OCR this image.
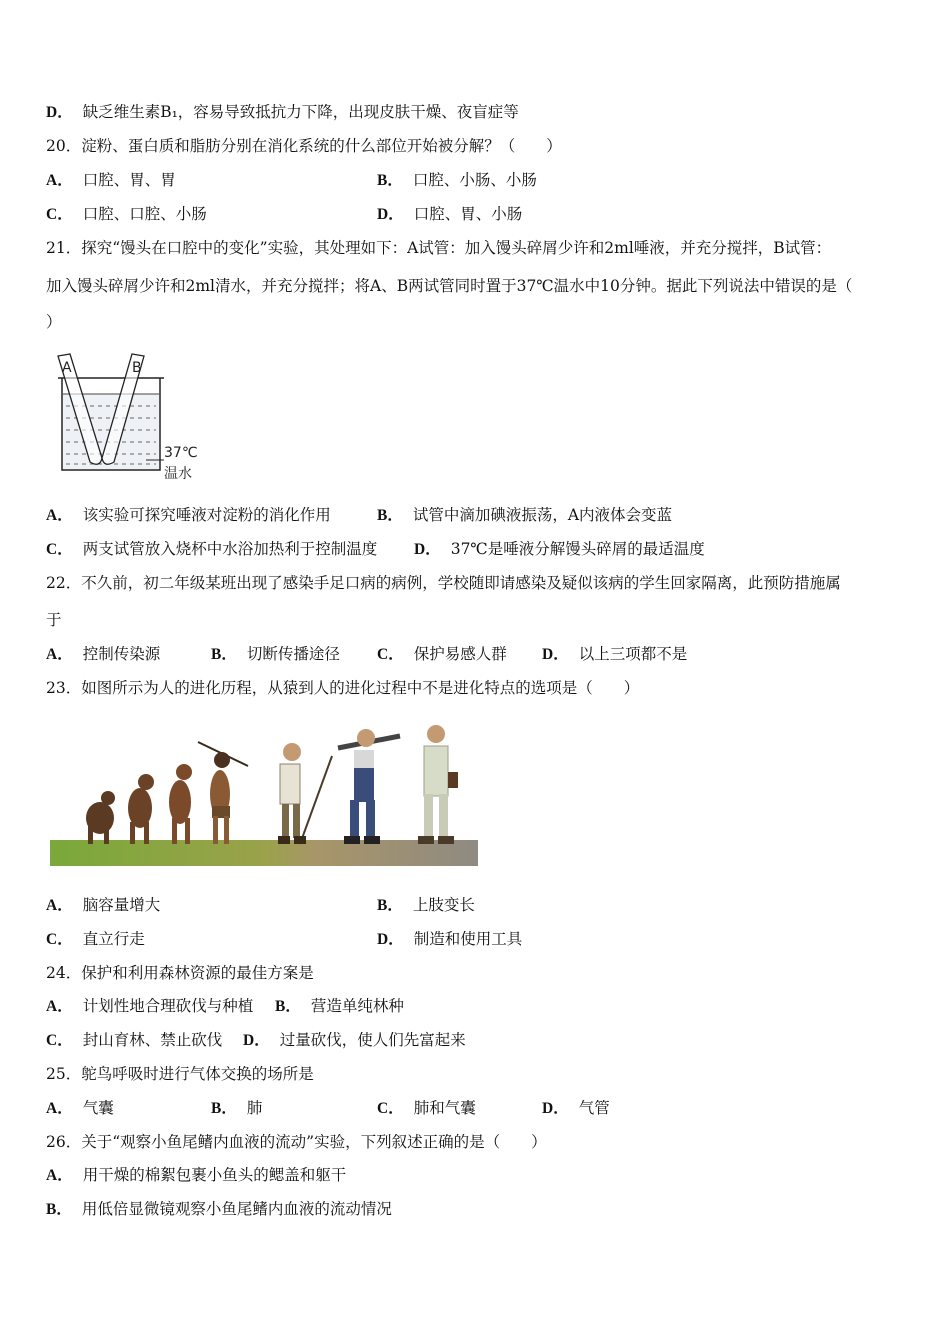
D． 缺乏维生素B₁，容易导致抵抗力下降，出现皮肤干燥、夜盲症等
20．淀粉、蛋白质和脂肪分别在消化系统的什么部位开始被分解？（　　）
A． 口腔、胃、胃	B． 口腔、小肠、小肠
C． 口腔、口腔、小肠	D． 口腔、胃、小肠
21．探究“馒头在口腔中的变化”实验，其处理如下：A试管：加入馒头碎屑少许和2ml唾液，并充分搅拌，B试管：
加入馒头碎屑少许和2ml清水，并充分搅拌；将A、B两试管同时置于37℃温水中10分钟。据此下列说法中错误的是（
）
A	B
37℃
温水
A． 该实验可探究唾液对淀粉的消化作用	B． 试管中滴加碘液振荡，A内液体会变蓝
C． 两支试管放入烧杯中水浴加热利于控制温度 D． 37℃是唾液分解馒头碎屑的最适温度
22．不久前，初二年级某班出现了感染手足口病的病例，学校随即请感染及疑似该病的学生回家隔离，此预防措施属
于
A． 控制传染源	B． 切断传播途径 C． 保护易感人群 D． 以上三项都不是
23．如图所示为人的进化历程，从猿到人的进化过程中不是进化特点的选项是（　　）
A． 脑容量增大	B． 上肢变长
C． 直立行走	D． 制造和使用工具
24．保护和利用森林资源的最佳方案是
A． 计划性地合理砍伐与种植 B． 营造单纯林种
C． 封山育林、禁止砍伐 D． 过量砍伐，使人们先富起来
25．鸵鸟呼吸时进行气体交换的场所是
A． 气囊	B． 肺	C． 肺和气囊	D． 气管
26．关于“观察小鱼尾鳍内血液的流动”实验，下列叙述正确的是（　　）
A． 用干燥的棉絮包裹小鱼头的鳃盖和躯干
B． 用低倍显微镜观察小鱼尾鳍内血液的流动情况
